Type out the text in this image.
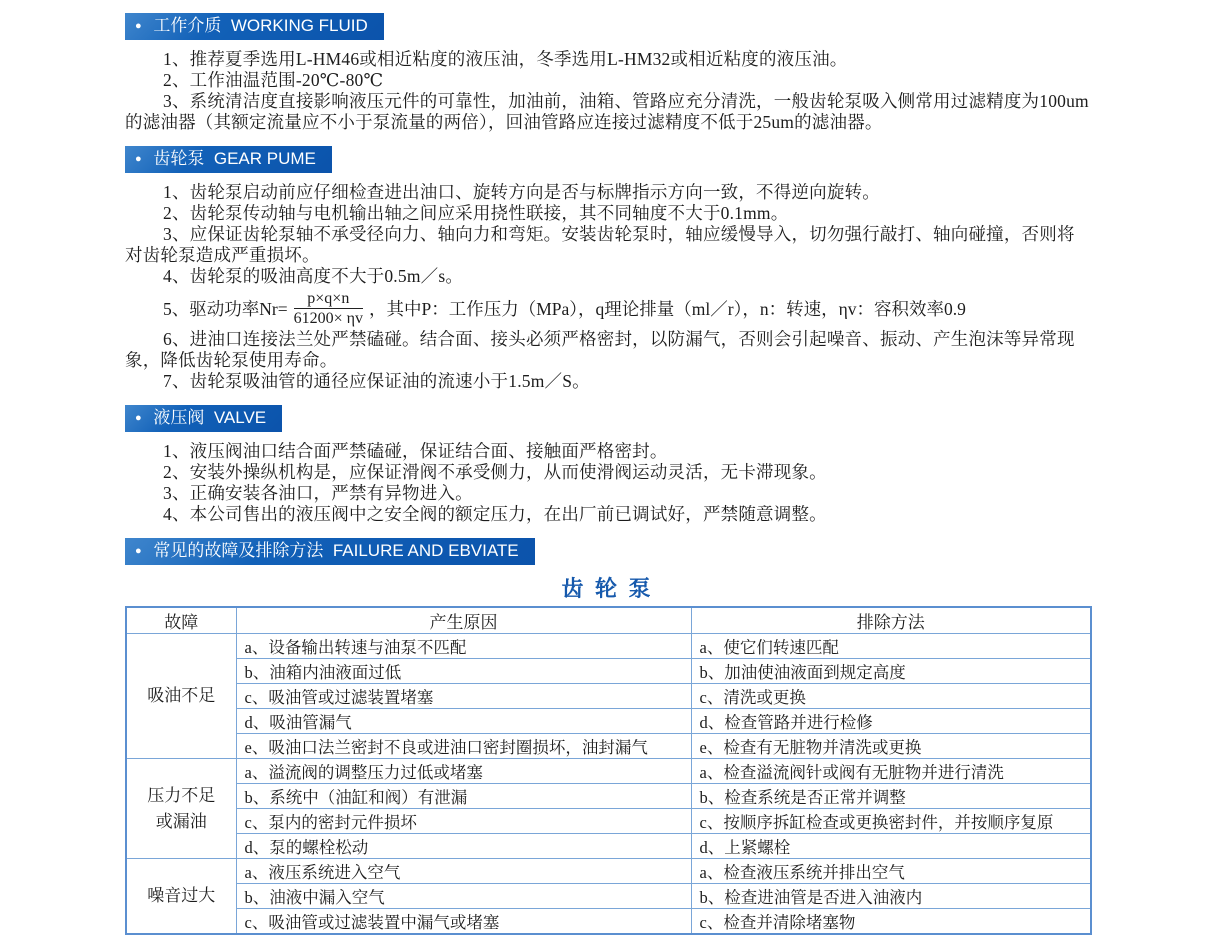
● 工作介质 WORKING FLUID

1、推荐夏季选用L-HM46或相近粘度的液压油，冬季选用L-HM32或相近粘度的液压油。

2、工作油温范围-20℃-80℃

3、系统清洁度直接影响液压元件的可靠性，加油前，油箱、管路应充分清洗，一般齿轮泵吸入侧常用过滤精度为100um的滤油器（其额定流量应不小于泵流量的两倍），回油管路应连接过滤精度不低于25um的滤油器。

● 齿轮泵 GEAR PUME

1、齿轮泵启动前应仔细检查进出油口、旋转方向是否与标牌指示方向一致，不得逆向旋转。

2、齿轮泵传动轴与电机输出轴之间应采用挠性联接，其不同轴度不大于0.1mm。

3、应保证齿轮泵轴不承受径向力、轴向力和弯矩。安装齿轮泵时，轴应缓慢导入，切勿强行敲打、轴向碰撞，否则将对齿轮泵造成严重损坏。

4、齿轮泵的吸油高度不大于0.5m／s。

5、驱动功率$Nr= \frac{p\times q\times n}{61200\times \eta v}$ ，其中P：工作压力（MPa），q理论排量（ml／r），n：转速，ηv：容积效率0.9

6、进油口连接法兰处严禁磕碰。结合面、接头必须严格密封，以防漏气，否则会引起噪音、振动、产生泡沫等异常现象，降低齿轮泵使用寿命。

7、齿轮泵吸油管的通径应保证油的流速小于1.5m／S。

● 液压阀 VALVE

1、液压阀油口结合面严禁磕碰，保证结合面、接触面严格密封。

2、安装外操纵机构是，应保证滑阀不承受侧力，从而使滑阀运动灵活，无卡滞现象。

3、正确安装各油口，严禁有异物进入。

4、本公司售出的液压阀中之安全阀的额定压力，在出厂前已调试好，严禁随意调整。

● 常见的故障及排除方法 FAILURE AND EBVIATE
齿 轮 泵
故障	产生原因	排除方法

吸油不足	a、设备输出转速与油泵不匹配	a、使它们转速匹配
	b、油箱内油液面过低	b、加油使油液面到规定高度
	c、吸油管或过滤装置堵塞	c、清洗或更换
	d、吸油管漏气	d、检查管路并进行检修
	e、吸油口法兰密封不良或进油口密封圈损坏，油封漏气	e、检查有无脏物并清洗或更换

压力不足
或漏油	a、溢流阀的调整压力过低或堵塞	a、检查溢流阀针或阀有无脏物并进行清洗
	b、系统中（油缸和阀）有泄漏	b、检查系统是否正常并调整
	c、泵内的密封元件损坏	c、按顺序拆缸检查或更换密封件，并按顺序复原
	d、泵的螺栓松动	d、上紧螺栓

噪音过大	a、液压系统进入空气	a、检查液压系统并排出空气
	b、油液中漏入空气	b、检查进油管是否进入油液内
	c、吸油管或过滤装置中漏气或堵塞	c、检查并清除堵塞物
